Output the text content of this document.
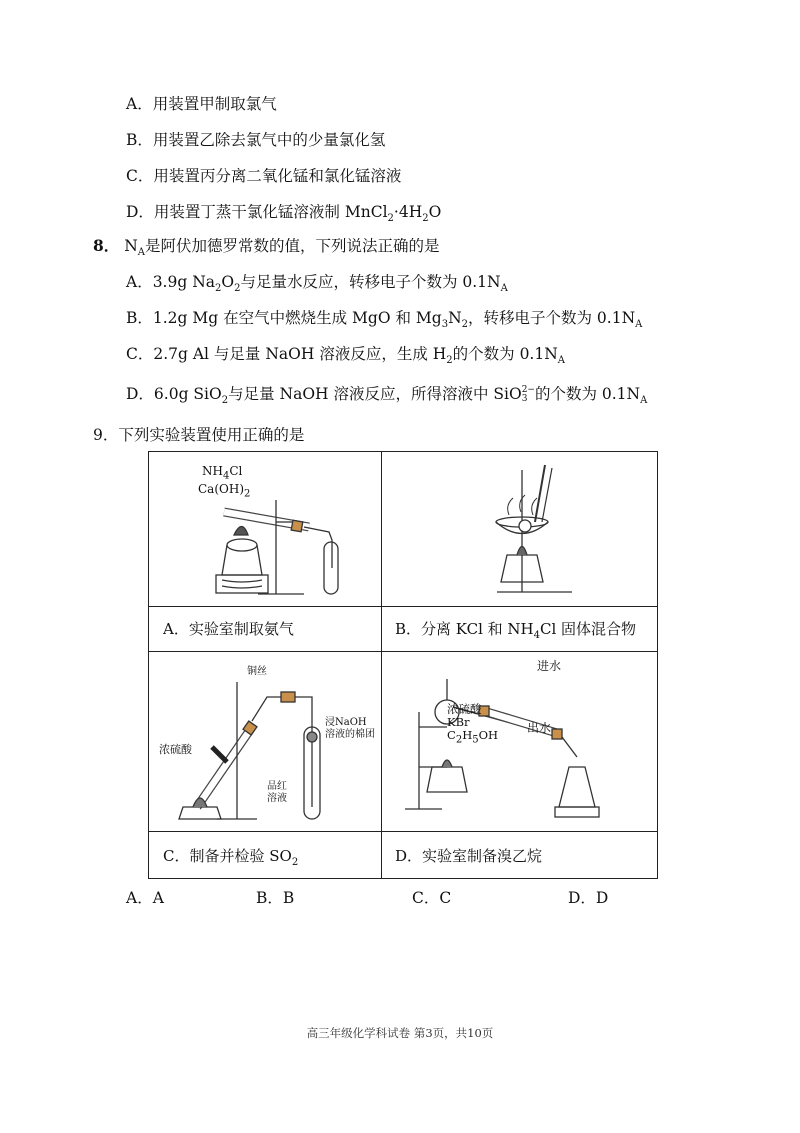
A．用装置甲制取氯气
B．用装置乙除去氯气中的少量氯化氢
C．用装置丙分离二氧化锰和氯化锰溶液
D．用装置丁蒸干氯化锰溶液制 $MnCl_2\cdot 4H_2O$
8． $N_A$是阿伏加德罗常数的值，下列说法正确的是
A．3.9g $Na_2O_2$与足量水反应，转移电子个数为 $0.1N_A$
B．1.2g Mg 在空气中燃烧生成 MgO 和 $Mg_3N_2$，转移电子个数为 $0.1N_A$
C．2.7g Al 与足量 NaOH 溶液反应，生成 $H_2$的个数为 $0.1N_A$
D．6.0g SiO$_2$与足量 NaOH 溶液反应，所得溶液中 SiO 2−
3 的个数为 $0.1N_A$
9．下列实验装置使用正确的是
$NH_4Cl$
$Ca(OH)_2$
A．实验室制取氨气	B．分离 KCl 和 $NH_4Cl$ 固体混合物
铜丝
浓硫酸
浸NaOH
溶液的棉团
品红
溶液
进水
出水
浓硫酸
KBr
$C_2H_5OH$
C．制备并检验 $SO_2$	D．实验室制备溴乙烷
A．A	B．B	C．C	D．D
高三年级化学科试卷 第3页，共10页
